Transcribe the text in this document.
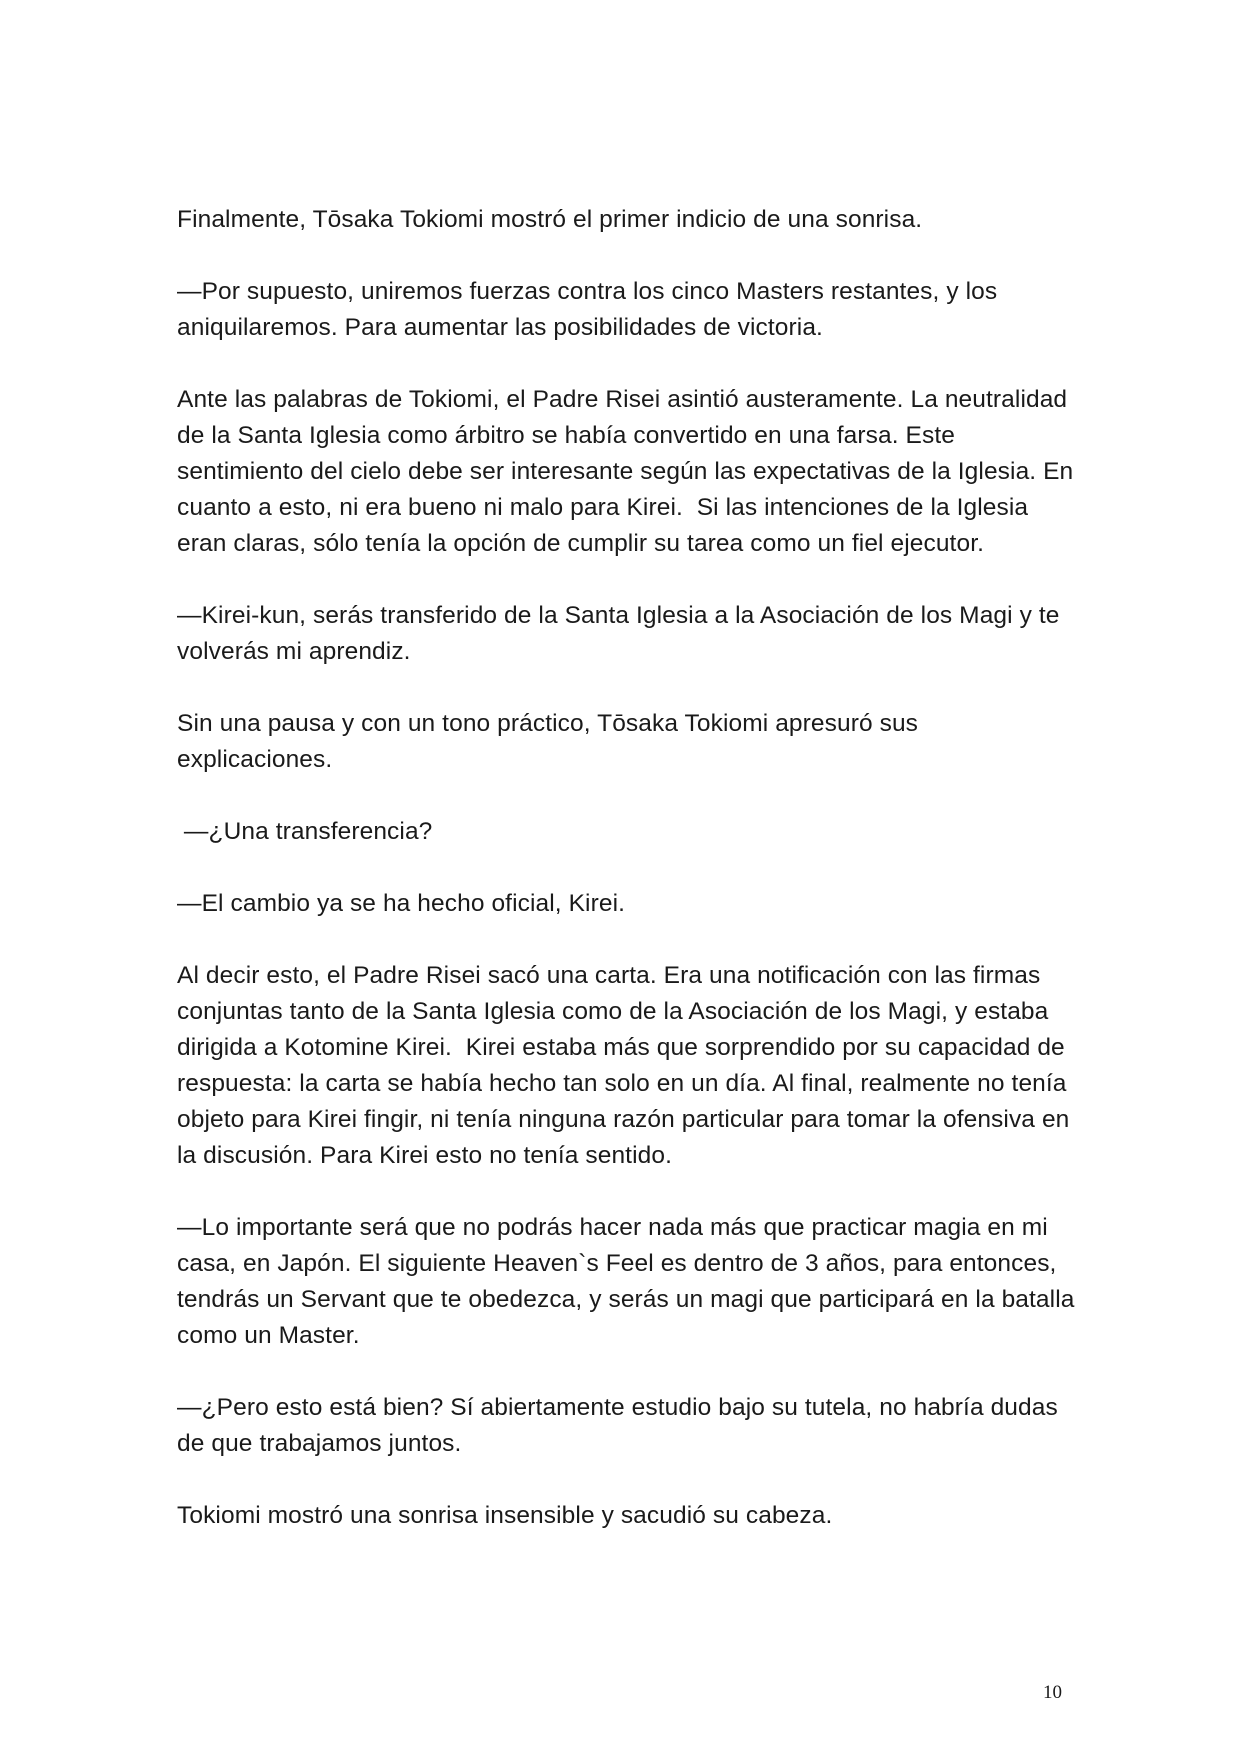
Finalmente, Tōsaka Tokiomi mostró el primer indicio de una sonrisa.

—Por supuesto, uniremos fuerzas contra los cinco Masters restantes, y los aniquilaremos. Para aumentar las posibilidades de victoria.

Ante las palabras de Tokiomi, el Padre Risei asintió austeramente. La neutralidad de la Santa Iglesia como árbitro se había convertido en una farsa. Este sentimiento del cielo debe ser interesante según las expectativas de la Iglesia. En cuanto a esto, ni era bueno ni malo para Kirei.  Si las intenciones de la Iglesia eran claras, sólo tenía la opción de cumplir su tarea como un fiel ejecutor.

—Kirei-kun, serás transferido de la Santa Iglesia a la Asociación de los Magi y te volverás mi aprendiz.

Sin una pausa y con un tono práctico, Tōsaka Tokiomi apresuró sus explicaciones.

—¿Una transferencia?

—El cambio ya se ha hecho oficial, Kirei.

Al decir esto, el Padre Risei sacó una carta. Era una notificación con las firmas conjuntas tanto de la Santa Iglesia como de la Asociación de los Magi, y estaba dirigida a Kotomine Kirei.  Kirei estaba más que sorprendido por su capacidad de respuesta: la carta se había hecho tan solo en un día. Al final, realmente no tenía objeto para Kirei fingir, ni tenía ninguna razón particular para tomar la ofensiva en la discusión. Para Kirei esto no tenía sentido.

—Lo importante será que no podrás hacer nada más que practicar magia en mi casa, en Japón. El siguiente Heaven`s Feel es dentro de 3 años, para entonces, tendrás un Servant que te obedezca, y serás un magi que participará en la batalla como un Master.

—¿Pero esto está bien? Sí abiertamente estudio bajo su tutela, no habría dudas de que trabajamos juntos.

Tokiomi mostró una sonrisa insensible y sacudió su cabeza.

10
